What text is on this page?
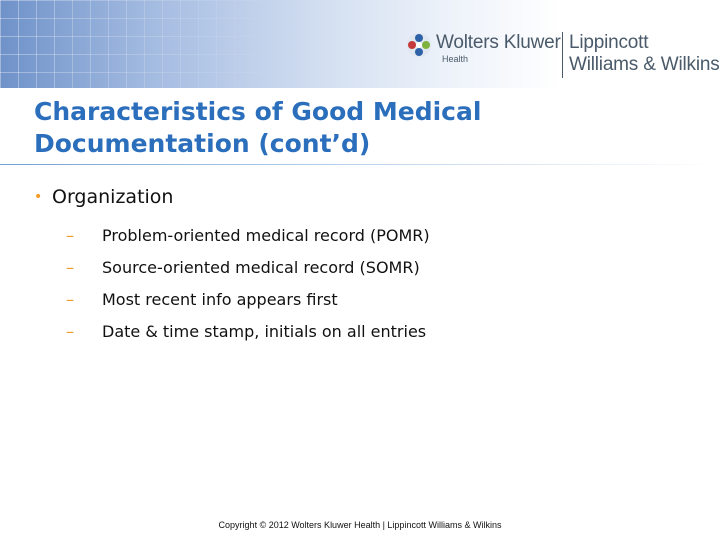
Wolters Kluwer
Health
Lippincott
Williams & Wilkins
Characteristics of Good Medical
Documentation (cont’d)
• Organization
– Problem-oriented medical record (POMR)
– Source-oriented medical record (SOMR)
– Most recent info appears first
– Date & time stamp, initials on all entries
Copyright © 2012 Wolters Kluwer Health | Lippincott Williams & Wilkins
